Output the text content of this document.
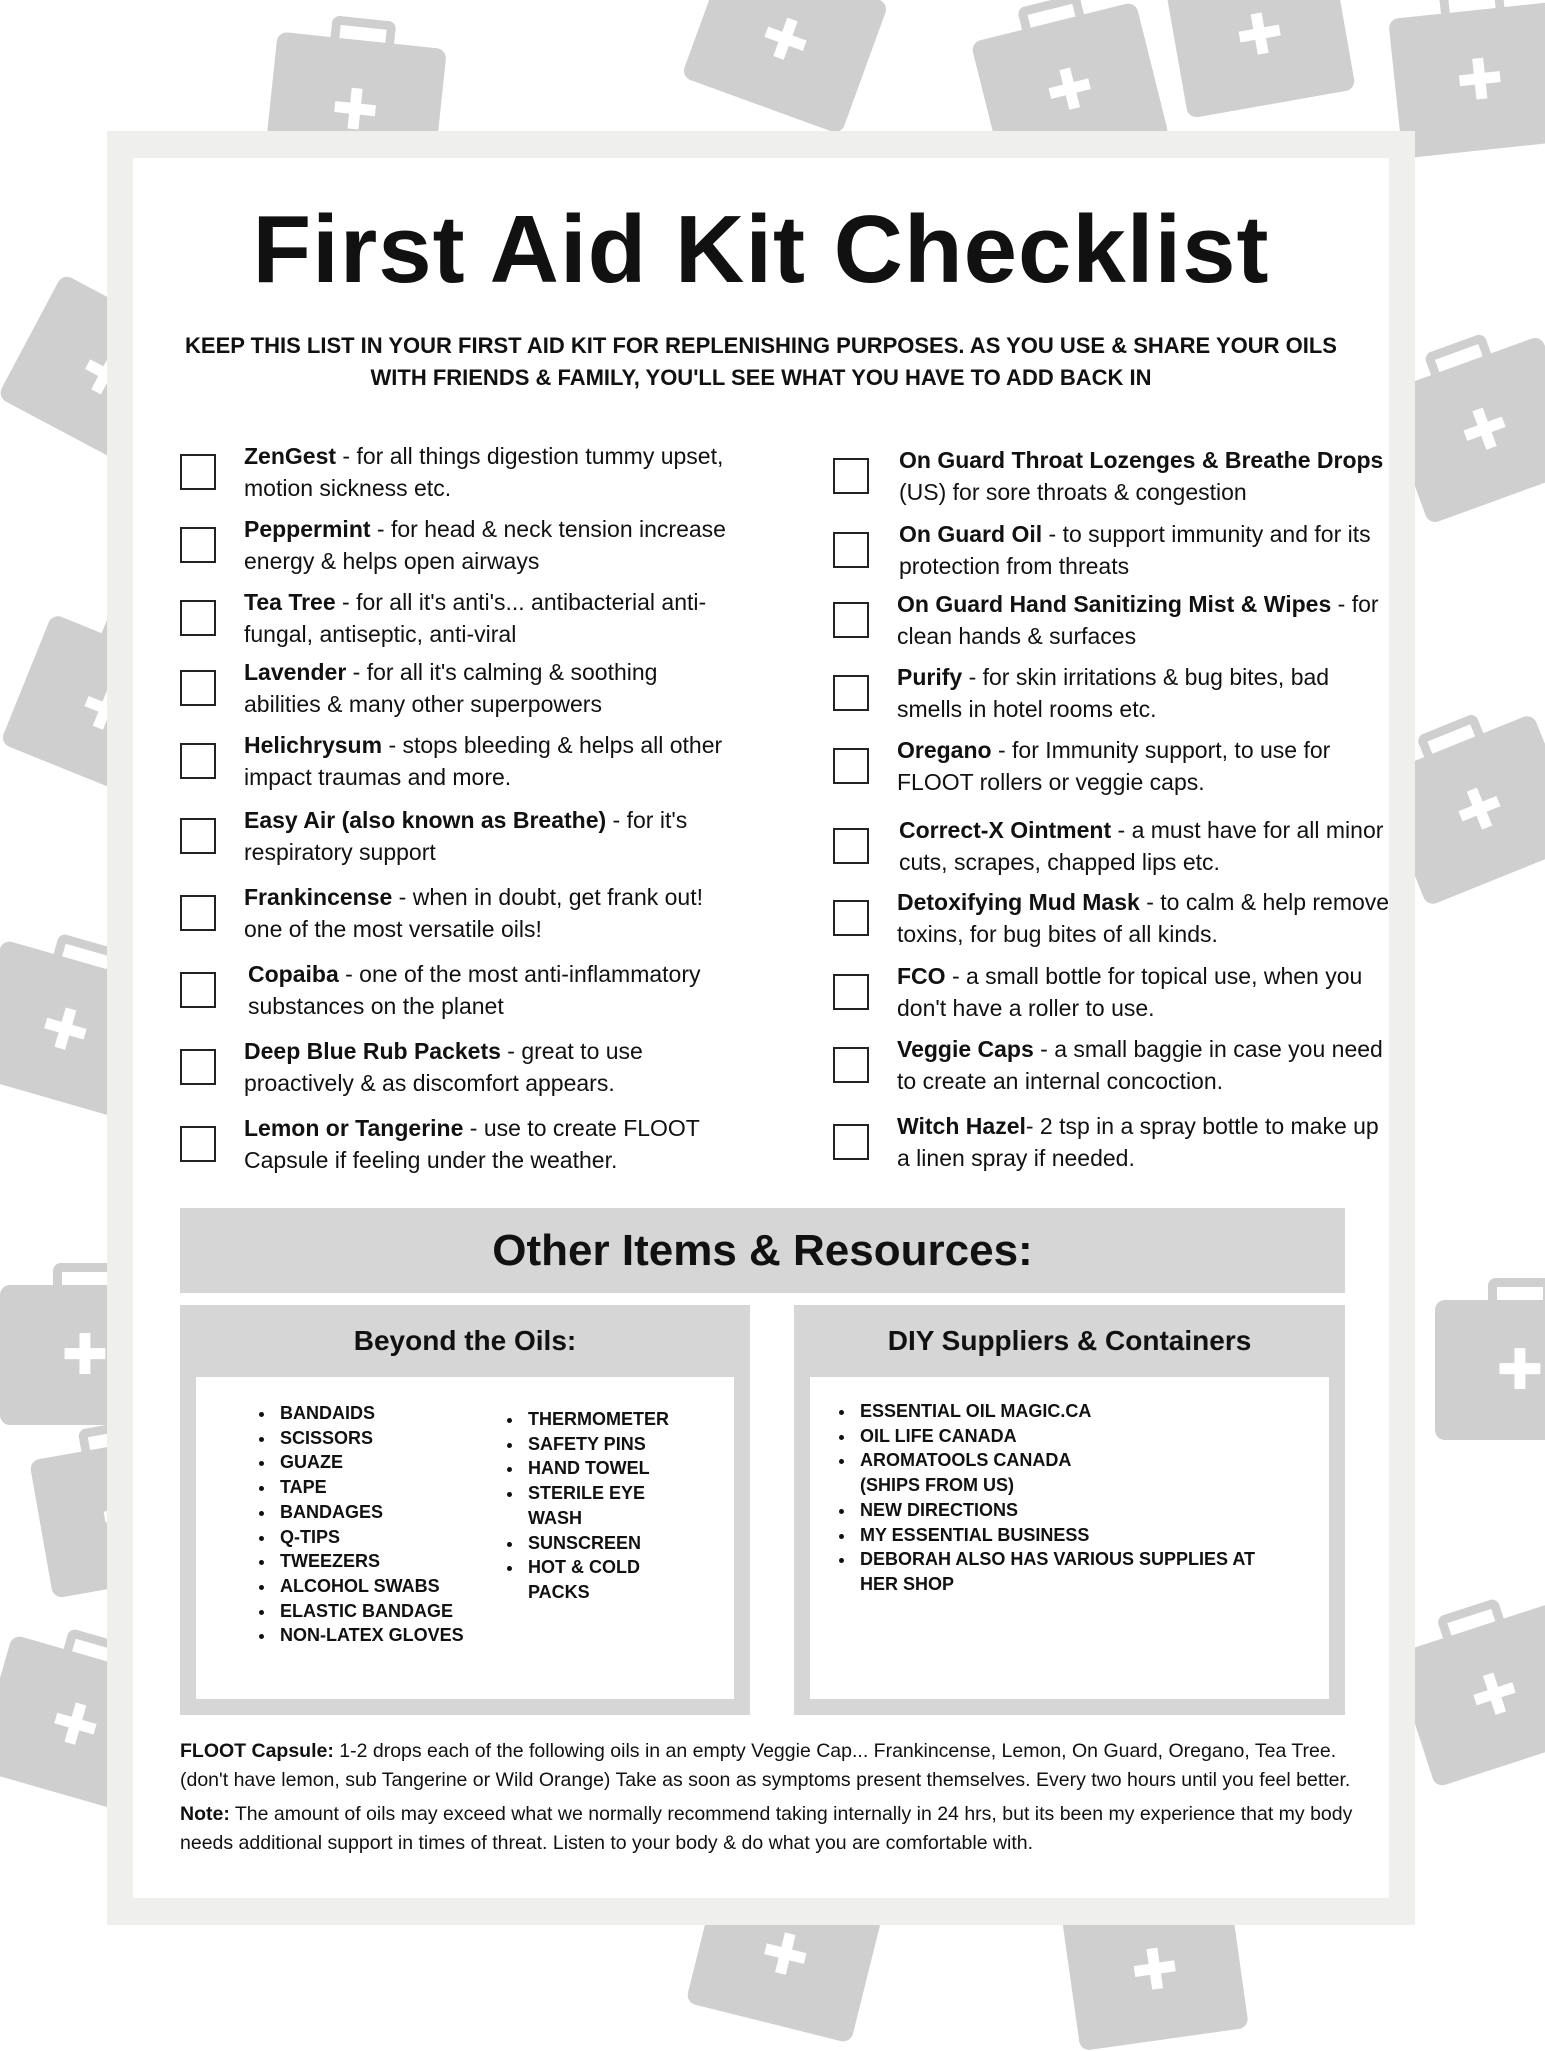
✚
✚
✚
✚
✚
✚
✚
✚
✚
✚
✚
✚
✚
✚
✚
✚
✚
First Aid Kit Checklist

KEEP THIS LIST IN YOUR FIRST AID KIT FOR REPLENISHING PURPOSES. AS YOU USE & SHARE YOUR OILS WITH FRIENDS & FAMILY, YOU'LL SEE WHAT YOU HAVE TO ADD BACK IN

ZenGest - for all things digestion tummy upset, motion sickness etc.
Peppermint - for head & neck tension increase energy & helps open airways
Tea Tree - for all it's anti's... antibacterial anti-fungal, antiseptic, anti-viral
Lavender - for all it's calming & soothing abilities & many other superpowers
Helichrysum - stops bleeding & helps all other impact traumas and more.
Easy Air (also known as Breathe) - for it's respiratory support
Frankincense - when in doubt, get frank out! one of the most versatile oils!
Copaiba - one of the most anti-inflammatory substances on the planet
Deep Blue Rub Packets - great to use proactively & as discomfort appears.
Lemon or Tangerine - use to create FLOOT Capsule if feeling under the weather.
On Guard Throat Lozenges & Breathe Drops (US) for sore throats & congestion
On Guard Oil - to support immunity and for its protection from threats
On Guard Hand Sanitizing Mist & Wipes - for clean hands & surfaces
Purify - for skin irritations & bug bites, bad smells in hotel rooms etc.
Oregano - for Immunity support, to use for FLOOT rollers or veggie caps.
Correct-X Ointment - a must have for all minor cuts, scrapes, chapped lips etc.
Detoxifying Mud Mask - to calm & help remove toxins, for bug bites of all kinds.
FCO - a small bottle for topical use, when you don't have a roller to use.
Veggie Caps - a small baggie in case you need to create an internal concoction.
Witch Hazel- 2 tsp in a spray bottle to make up a linen spray if needed.
Other Items & Resources:
Beyond the Oils:
• BANDAIDS
• SCISSORS
• GUAZE
• TAPE
• BANDAGES
• Q-TIPS
• TWEEZERS
• ALCOHOL SWABS
• ELASTIC BANDAGE
• NON-LATEX GLOVES
• THERMOMETER
• SAFETY PINS
• HAND TOWEL
• STERILE EYE WASH
• SUNSCREEN
• HOT & COLD PACKS
DIY Suppliers & Containers
• ESSENTIAL OIL MAGIC.CA
• OIL LIFE CANADA
• AROMATOOLS CANADA (SHIPS FROM US)
• NEW DIRECTIONS
• MY ESSENTIAL BUSINESS
• DEBORAH ALSO HAS VARIOUS SUPPLIES AT HER SHOP

FLOOT Capsule: 1-2 drops each of the following oils in an empty Veggie Cap... Frankincense, Lemon, On Guard, Oregano, Tea Tree. (don't have lemon, sub Tangerine or Wild Orange) Take as soon as symptoms present themselves. Every two hours until you feel better.

Note: The amount of oils may exceed what we normally recommend taking internally in 24 hrs, but its been my experience that my body needs additional support in times of threat. Listen to your body & do what you are comfortable with.
